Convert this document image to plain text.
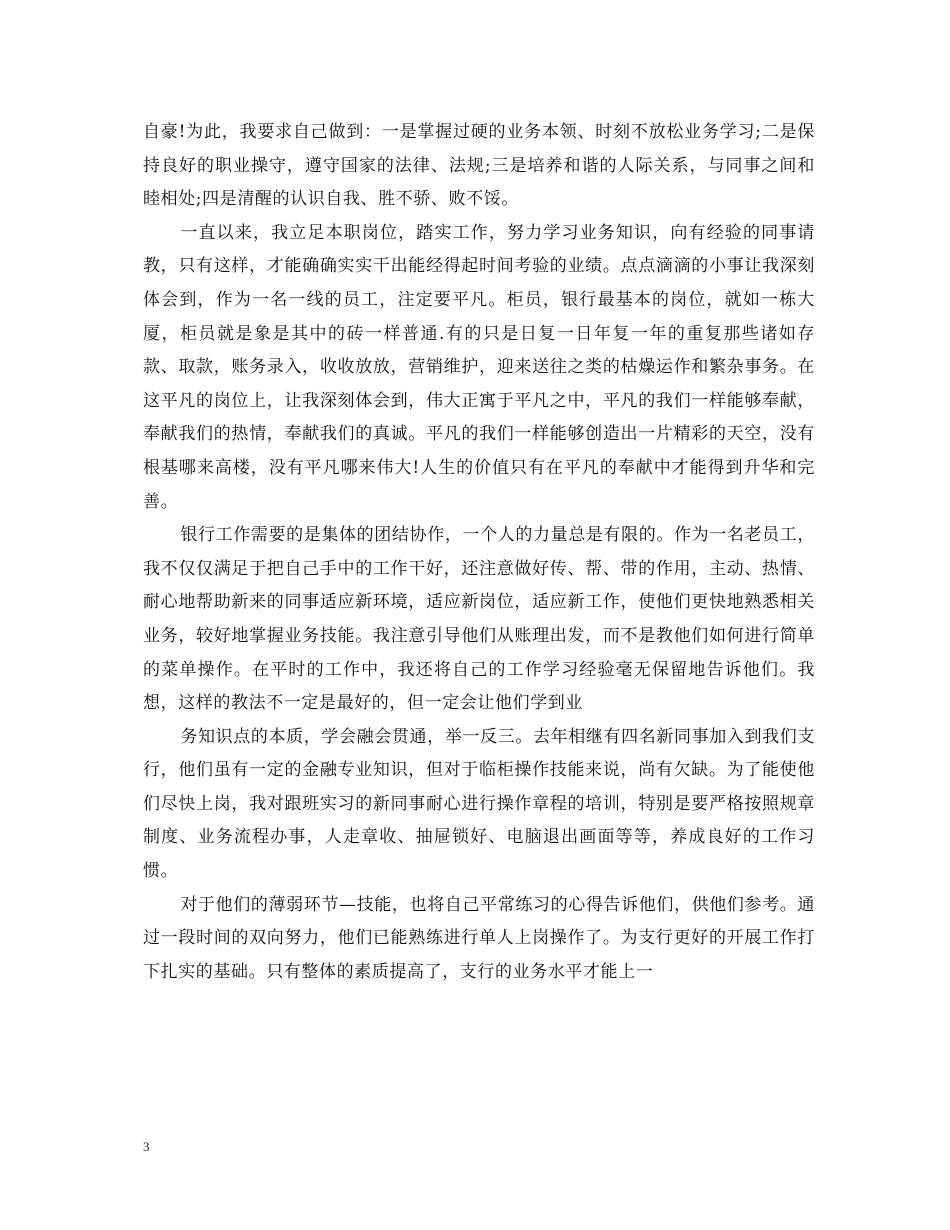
自豪!为此，我要求自己做到：一是掌握过硬的业务本领、时刻不放松业务学习;二是保持良好的职业操守，遵守国家的法律、法规;三是培养和谐的人际关系，与同事之间和睦相处;四是清醒的认识自我、胜不骄、败不馁。

一直以来，我立足本职岗位，踏实工作，努力学习业务知识，向有经验的同事请教，只有这样，才能确确实实干出能经得起时间考验的业绩。点点滴滴的小事让我深刻体会到，作为一名一线的员工，注定要平凡。柜员，银行最基本的岗位，就如一栋大厦，柜员就是象是其中的砖一样普通.有的只是日复一日年复一年的重复那些诸如存款、取款，账务录入，收收放放，营销维护，迎来送往之类的枯燥运作和繁杂事务。在这平凡的岗位上，让我深刻体会到，伟大正寓于平凡之中，平凡的我们一样能够奉献，奉献我们的热情，奉献我们的真诚。平凡的我们一样能够创造出一片精彩的天空，没有根基哪来高楼，没有平凡哪来伟大!人生的价值只有在平凡的奉献中才能得到升华和完善。

银行工作需要的是集体的团结协作，一个人的力量总是有限的。作为一名老员工，我不仅仅满足于把自己手中的工作干好，还注意做好传、帮、带的作用，主动、热情、耐心地帮助新来的同事适应新环境，适应新岗位，适应新工作，使他们更快地熟悉相关业务，较好地掌握业务技能。我注意引导他们从账理出发，而不是教他们如何进行简单的菜单操作。在平时的工作中，我还将自己的工作学习经验毫无保留地告诉他们。我想，这样的教法不一定是最好的，但一定会让他们学到业

务知识点的本质，学会融会贯通，举一反三。去年相继有四名新同事加入到我们支行，他们虽有一定的金融专业知识，但对于临柜操作技能来说，尚有欠缺。为了能使他们尽快上岗，我对跟班实习的新同事耐心进行操作章程的培训，特别是要严格按照规章制度、业务流程办事，人走章收、抽屉锁好、电脑退出画面等等，养成良好的工作习惯。

对于他们的薄弱环节—技能，也将自己平常练习的心得告诉他们，供他们参考。通过一段时间的双向努力，他们已能熟练进行单人上岗操作了。为支行更好的开展工作打下扎实的基础。只有整体的素质提高了，支行的业务水平才能上一

3
